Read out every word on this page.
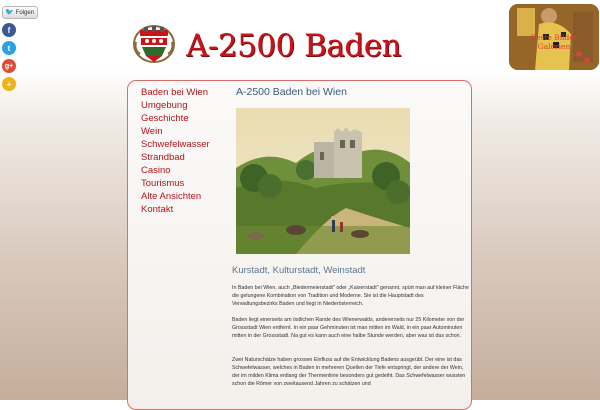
🐦 Folgen
f
t
g+
+
A-2500 Baden	Beste Bilder
Galerien
Baden bei Wien
Umgebung
Geschichte
Wein
Schwefelwasser
Strandbad
Casino
Tourismus
Alte Ansichten
Kontakt
A-2500 Baden bei Wien
Kurstadt, Kulturstadt, Weinstadt

In Baden bei Wien, auch „Biedermeierstadt" oder „Kaiserstadt" genannt, spürt man auf kleiner Fläche die gelungene Kombination von Tradition und Moderne. Sie ist die Hauptstadt des Verwaltungsbezirks Baden und liegt in Niederösterreich.

Baden liegt einerseits am östlichen Rande des Wienerwalds, andererseits nur 25 Kilometer von der Grossstadt Wien entfernt. In ein paar Gehminuten ist man mitten im Wald, in ein paar Autominuten mitten in der Grossstadt. Na gut es kann auch eine halbe Stunde werden, aber was ist das schon.

Zwei Naturschätze haben grossen Einfluss auf die Entwicklung Badens ausgeübt. Der eine ist das Schwefelwasser, welches in Baden in mehreren Quellen der Tiefe entspringt, der andere der Wein, der im milden Klima entlang der Thermenlinie besonders gut gedeiht. Das Schwefelwasser wussten schon die Römer von zweitausend Jahren zu schätzen und
